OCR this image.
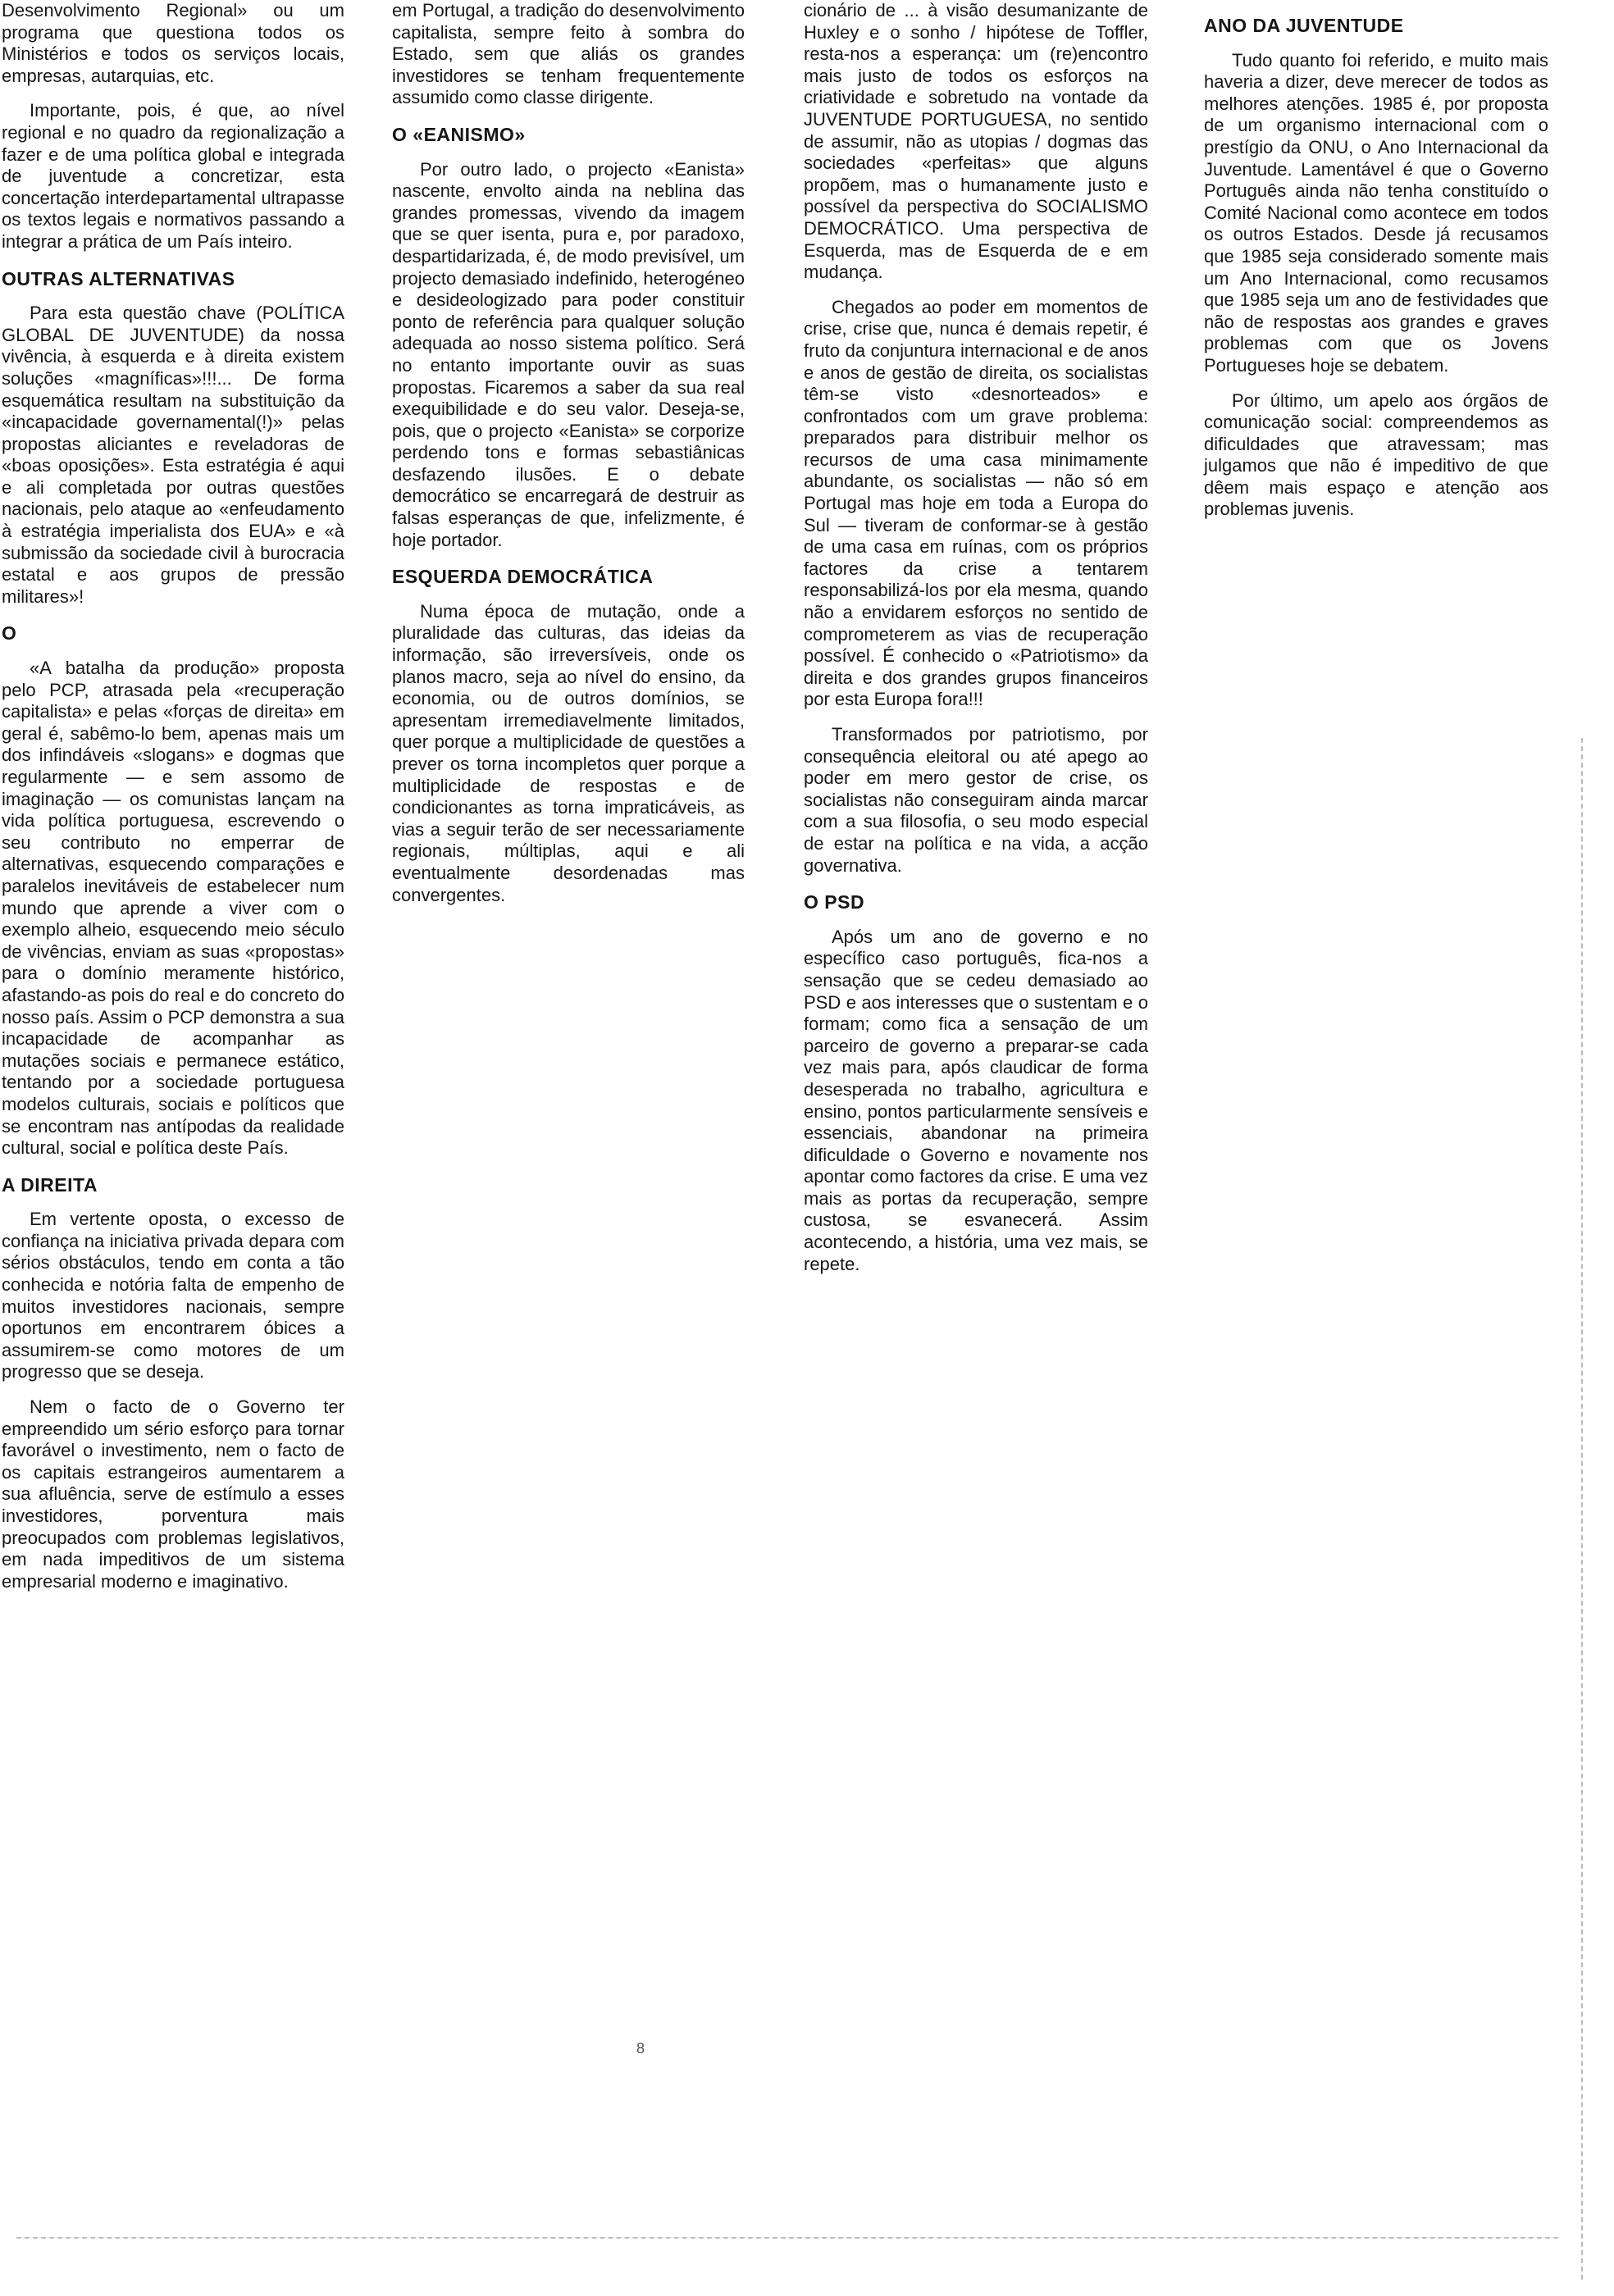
Desenvolvimento Regional» ou um programa que questiona todos os Ministérios e todos os serviços locais, empresas, autarquias, etc.

Importante, pois, é que, ao nível regional e no quadro da regionalização a fazer e de uma política global e integrada de juventude a concretizar, esta concertação interdepartamental ultrapasse os textos legais e normativos passando a integrar a prática de um País inteiro.

OUTRAS ALTERNATIVAS

Para esta questão chave (POLÍTICA GLOBAL DE JUVENTUDE) da nossa vivência, à esquerda e à direita existem soluções «magníficas»!!!... De forma esquemática resultam na substituição da «incapacidade governamental(!)» pelas propostas aliciantes e reveladoras de «boas oposições». Esta estratégia é aqui e ali completada por outras questões nacionais, pelo ataque ao «enfeudamento à estratégia imperialista dos EUA» e «à submissão da sociedade civil à burocracia estatal e aos grupos de pressão militares»!

O

«A batalha da produção» proposta pelo PCP, atrasada pela «recuperação capitalista» e pelas «forças de direita» em geral é, sabêmo-lo bem, apenas mais um dos infindáveis «slogans» e dogmas que regularmente — e sem assomo de imaginação — os comunistas lançam na vida política portuguesa, escrevendo o seu contributo no emperrar de alternativas, esquecendo comparações e paralelos inevitáveis de estabelecer num mundo que aprende a viver com o exemplo alheio, esquecendo meio século de vivências, enviam as suas «propostas» para o domínio meramente histórico, afastando-as pois do real e do concreto do nosso país. Assim o PCP demonstra a sua incapacidade de acompanhar as mutações sociais e permanece estático, tentando por a sociedade portuguesa modelos culturais, sociais e políticos que se encontram nas antípodas da realidade cultural, social e política deste País.

A DIREITA

Em vertente oposta, o excesso de confiança na iniciativa privada depara com sérios obstáculos, tendo em conta a tão conhecida e notória falta de empenho de muitos investidores nacionais, sempre oportunos em encontrarem óbices a assumirem-se como motores de um progresso que se deseja.

Nem o facto de o Governo ter empreendido um sério esforço para tornar favorável o investimento, nem o facto de os capitais estrangeiros aumentarem a sua afluência, serve de estímulo a esses investidores, porventura mais preocupados com problemas legislativos, em nada impeditivos de um sistema empresarial moderno e imaginativo.

em Portugal, a tradição do desenvolvimento capitalista, sempre feito à sombra do Estado, sem que aliás os grandes investidores se tenham frequentemente assumido como classe dirigente.

O «EANISMO»

Por outro lado, o projecto «Eanista» nascente, envolto ainda na neblina das grandes promessas, vivendo da imagem que se quer isenta, pura e, por paradoxo, despartidarizada, é, de modo previsível, um projecto demasiado indefinido, heterogéneo e desideologizado para poder constituir ponto de referência para qualquer solução adequada ao nosso sistema político. Será no entanto importante ouvir as suas propostas. Ficaremos a saber da sua real exequibilidade e do seu valor. Deseja-se, pois, que o projecto «Eanista» se corporize perdendo tons e formas sebastiânicas desfazendo ilusões. E o debate democrático se encarregará de destruir as falsas esperanças de que, infelizmente, é hoje portador.

ESQUERDA DEMOCRÁTICA

Numa época de mutação, onde a pluralidade das culturas, das ideias da informação, são irreversíveis, onde os planos macro, seja ao nível do ensino, da economia, ou de outros domínios, se apresentam irremediavelmente limitados, quer porque a multiplicidade de questões a prever os torna incompletos quer porque a multiplicidade de respostas e de condicionantes as torna impraticáveis, as vias a seguir terão de ser necessariamente regionais, múltiplas, aqui e ali eventualmente desordenadas mas convergentes.

cionário de ... à visão desumanizante de Huxley e o sonho / hipótese de Toffler, resta-nos a esperança: um (re)encontro mais justo de todos os esforços na criatividade e sobretudo na vontade da JUVENTUDE PORTUGUESA, no sentido de assumir, não as utopias / dogmas das sociedades «perfeitas» que alguns propõem, mas o humanamente justo e possível da perspectiva do SOCIALISMO DEMOCRÁTICO. Uma perspectiva de Esquerda, mas de Esquerda de e em mudança.

Chegados ao poder em momentos de crise, crise que, nunca é demais repetir, é fruto da conjuntura internacional e de anos e anos de gestão de direita, os socialistas têm-se visto «desnorteados» e confrontados com um grave problema: preparados para distribuir melhor os recursos de uma casa minimamente abundante, os socialistas — não só em Portugal mas hoje em toda a Europa do Sul — tiveram de conformar-se à gestão de uma casa em ruínas, com os próprios factores da crise a tentarem responsabilizá-los por ela mesma, quando não a envidarem esforços no sentido de comprometerem as vias de recuperação possível. É conhecido o «Patriotismo» da direita e dos grandes grupos financeiros por esta Europa fora!!!

Transformados por patriotismo, por consequência eleitoral ou até apego ao poder em mero gestor de crise, os socialistas não conseguiram ainda marcar com a sua filosofia, o seu modo especial de estar na política e na vida, a acção governativa.

O PSD

Após um ano de governo e no específico caso português, fica-nos a sensação que se cedeu demasiado ao PSD e aos interesses que o sustentam e o formam; como fica a sensação de um parceiro de governo a preparar-se cada vez mais para, após claudicar de forma desesperada no trabalho, agricultura e ensino, pontos particularmente sensíveis e essenciais, abandonar na primeira dificuldade o Governo e novamente nos apontar como factores da crise. E uma vez mais as portas da recuperação, sempre custosa, se esvanecerá. Assim acontecendo, a história, uma vez mais, se repete.

ANO DA JUVENTUDE

Tudo quanto foi referido, e muito mais haveria a dizer, deve merecer de todos as melhores atenções. 1985 é, por proposta de um organismo internacional com o prestígio da ONU, o Ano Internacional da Juventude. Lamentável é que o Governo Português ainda não tenha constituído o Comité Nacional como acontece em todos os outros Estados. Desde já recusamos que 1985 seja considerado somente mais um Ano Internacional, como recusamos que 1985 seja um ano de festividades que não de respostas aos grandes e graves problemas com que os Jovens Portugueses hoje se debatem.

Por último, um apelo aos órgãos de comunicação social: compreendemos as dificuldades que atravessam; mas julgamos que não é impeditivo de que dêem mais espaço e atenção aos problemas juvenis.

8
